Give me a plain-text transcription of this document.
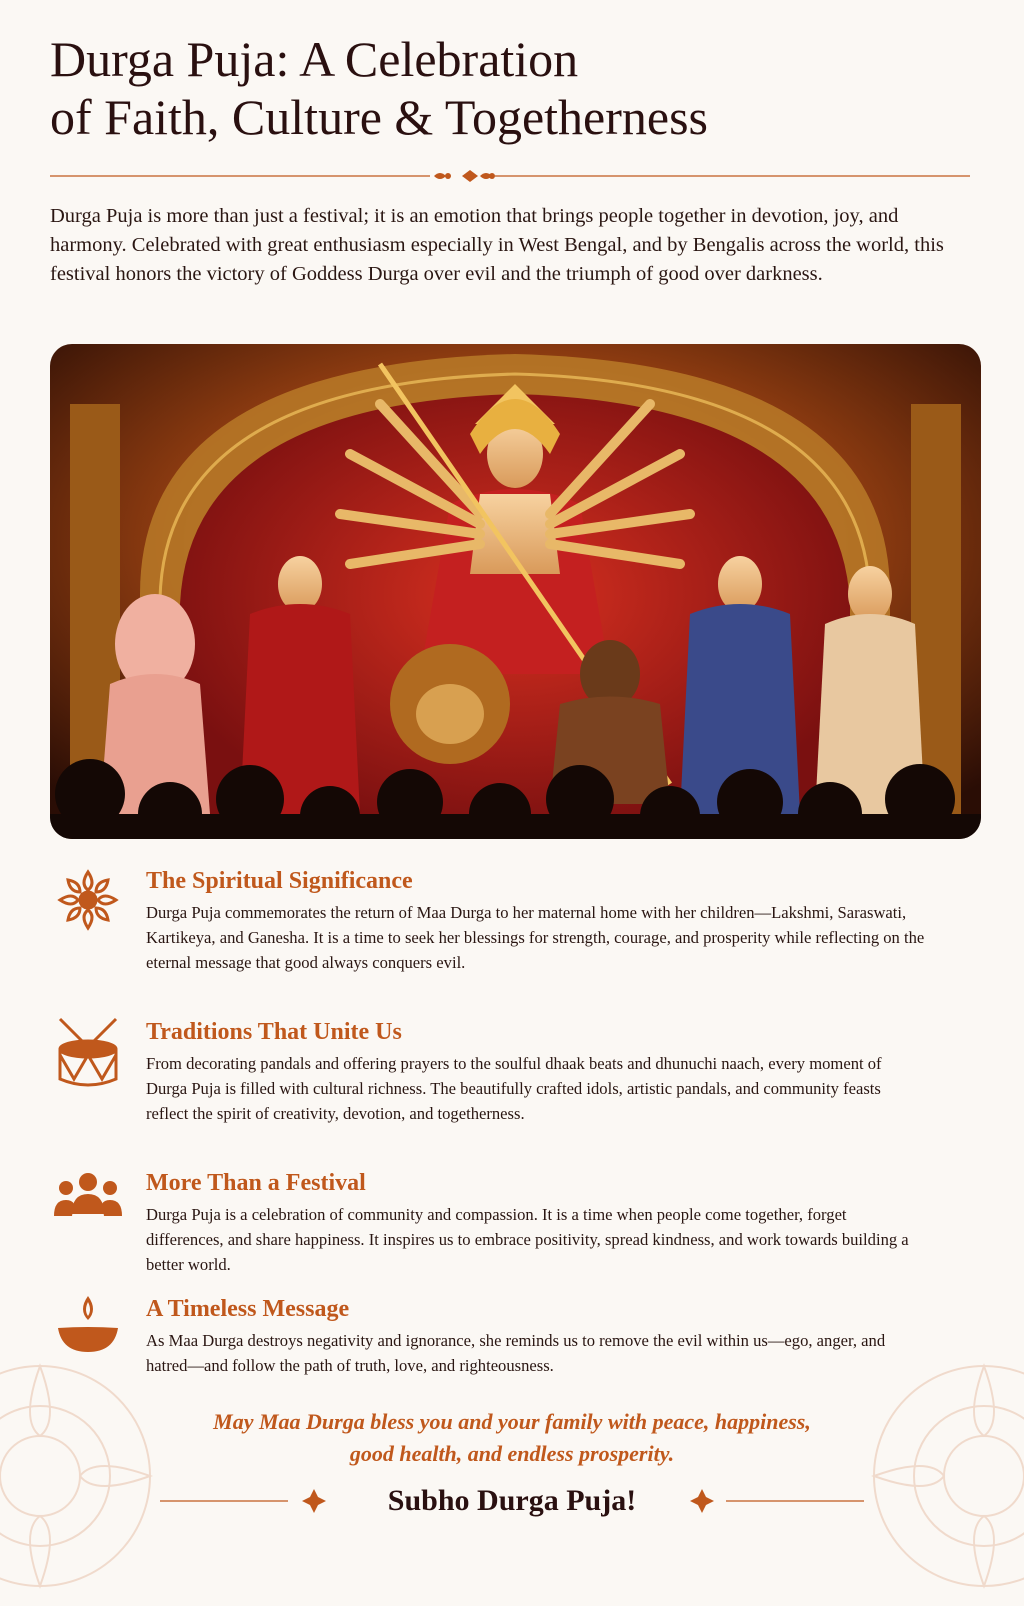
Durga Puja: A Celebration
of Faith, Culture & Togetherness

Durga Puja is more than just a festival; it is an emotion that brings people together in devotion, joy, and harmony. Celebrated with great enthusiasm especially in West Bengal, and by Bengalis across the world, this festival honors the victory of Goddess Durga over evil and the triumph of good over darkness.

The Spiritual Significance

Durga Puja commemorates the return of Maa Durga to her maternal home with her children—Lakshmi, Saraswati, Kartikeya, and Ganesha. It is a time to seek her blessings for strength, courage, and prosperity while reflecting on the eternal message that good always conquers evil.

Traditions That Unite Us

From decorating pandals and offering prayers to the soulful dhaak beats and dhunuchi naach, every moment of Durga Puja is filled with cultural richness. The beautifully crafted idols, artistic pandals, and community feasts reflect the spirit of creativity, devotion, and togetherness.

More Than a Festival

Durga Puja is a celebration of community and compassion. It is a time when people come together, forget differences, and share happiness. It inspires us to embrace positivity, spread kindness, and work towards building a better world.

A Timeless Message

As Maa Durga destroys negativity and ignorance, she reminds us to remove the evil within us—ego, anger, and hatred—and follow the path of truth, love, and righteousness.

May Maa Durga bless you and your family with peace, happiness,
good health, and endless prosperity.

Subho Durga Puja!
